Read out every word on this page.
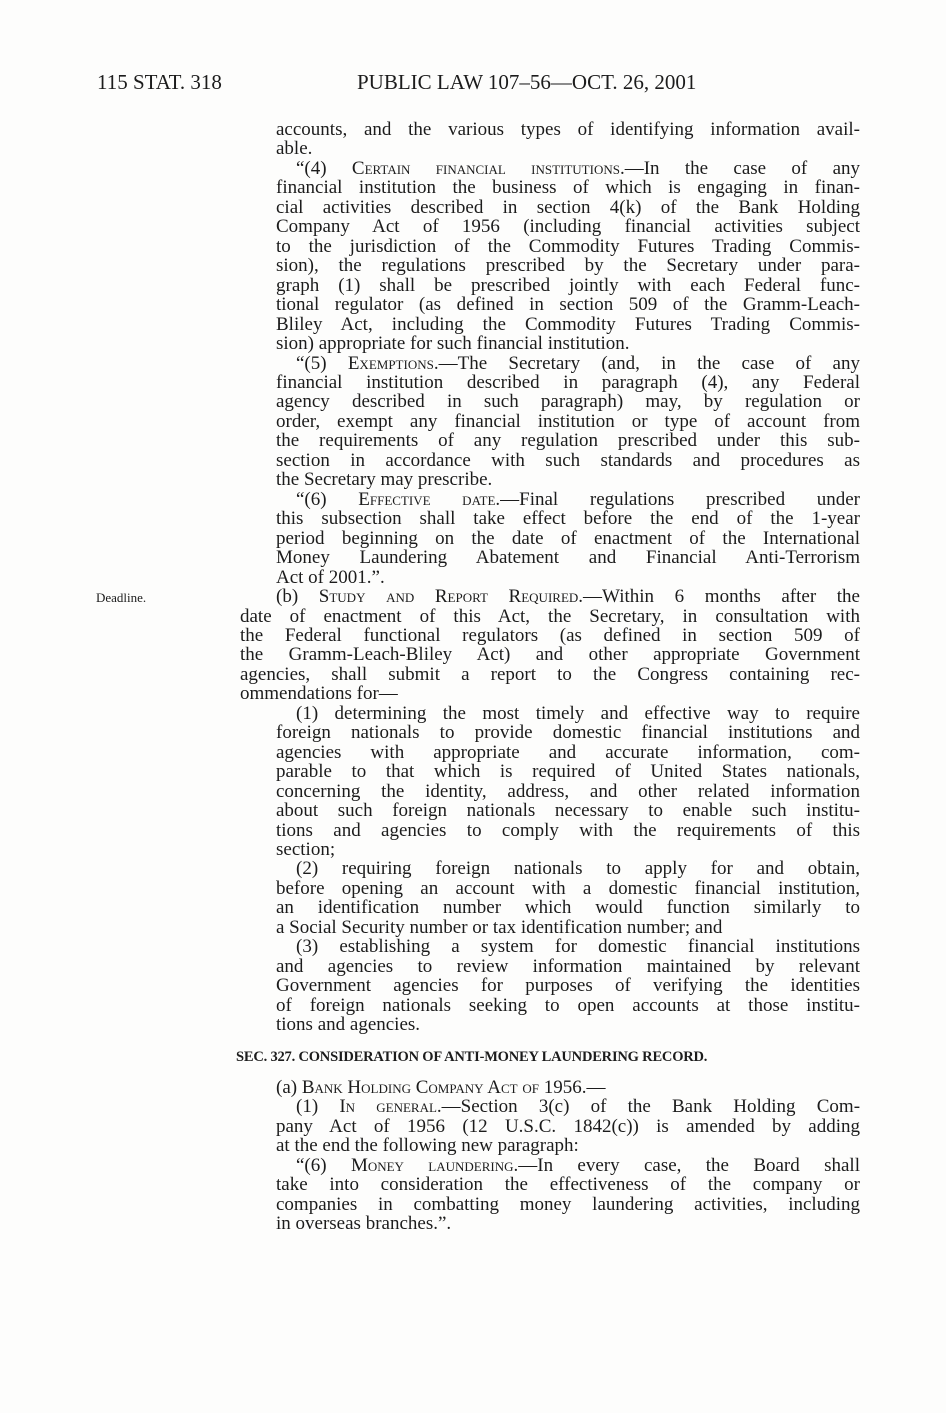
115 STAT. 318	PUBLIC LAW 107–56—OCT. 26, 2001
Deadline.
SEC. 327. CONSIDERATION OF ANTI-MONEY LAUNDERING RECORD.
accounts, and the various types of identifying information avail-
able.
“(4) Certain financial institutions.—In the case of any
financial institution the business of which is engaging in finan-
cial activities described in section 4(k) of the Bank Holding
Company Act of 1956 (including financial activities subject
to the jurisdiction of the Commodity Futures Trading Commis-
sion), the regulations prescribed by the Secretary under para-
graph (1) shall be prescribed jointly with each Federal func-
tional regulator (as defined in section 509 of the Gramm-Leach-
Bliley Act, including the Commodity Futures Trading Commis-
sion) appropriate for such financial institution.
“(5) Exemptions.—The Secretary (and, in the case of any
financial institution described in paragraph (4), any Federal
agency described in such paragraph) may, by regulation or
order, exempt any financial institution or type of account from
the requirements of any regulation prescribed under this sub-
section in accordance with such standards and procedures as
the Secretary may prescribe.
“(6) Effective date.—Final regulations prescribed under
this subsection shall take effect before the end of the 1-year
period beginning on the date of enactment of the International
Money Laundering Abatement and Financial Anti-Terrorism
Act of 2001.”.
(b) Study and Report Required.—Within 6 months after the
date of enactment of this Act, the Secretary, in consultation with
the Federal functional regulators (as defined in section 509 of
the Gramm-Leach-Bliley Act) and other appropriate Government
agencies, shall submit a report to the Congress containing rec-
ommendations for—
(1) determining the most timely and effective way to require
foreign nationals to provide domestic financial institutions and
agencies with appropriate and accurate information, com-
parable to that which is required of United States nationals,
concerning the identity, address, and other related information
about such foreign nationals necessary to enable such institu-
tions and agencies to comply with the requirements of this
section;
(2) requiring foreign nationals to apply for and obtain,
before opening an account with a domestic financial institution,
an identification number which would function similarly to
a Social Security number or tax identification number; and
(3) establishing a system for domestic financial institutions
and agencies to review information maintained by relevant
Government agencies for purposes of verifying the identities
of foreign nationals seeking to open accounts at those institu-
tions and agencies.
(a) Bank Holding Company Act of 1956.—
(1) In general.—Section 3(c) of the Bank Holding Com-
pany Act of 1956 (12 U.S.C. 1842(c)) is amended by adding
at the end the following new paragraph:
“(6) Money laundering.—In every case, the Board shall
take into consideration the effectiveness of the company or
companies in combatting money laundering activities, including
in overseas branches.”.
